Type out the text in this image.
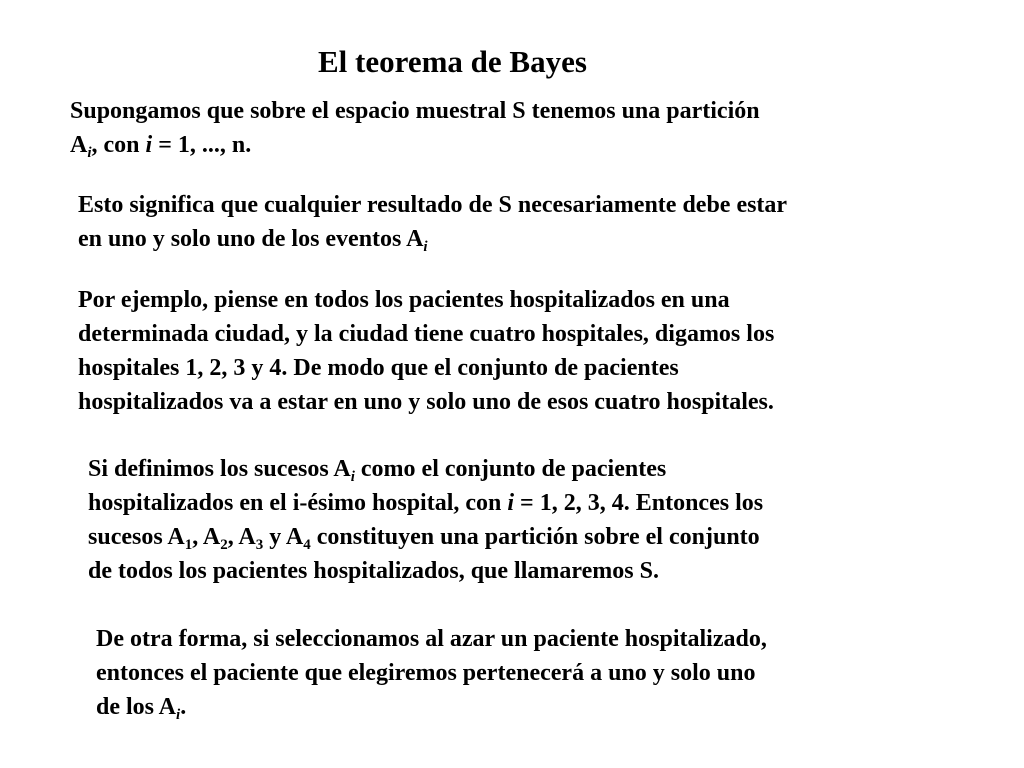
El teorema de Bayes
Supongamos que sobre el espacio muestral S tenemos una partición
$A_i$, con i = 1, ..., n.
Esto significa que cualquier resultado de S necesariamente debe estar
en uno y solo uno de los eventos $A_i$
Por ejemplo, piense en todos los pacientes hospitalizados en una
determinada ciudad, y la ciudad tiene cuatro hospitales, digamos los
hospitales 1, 2, 3 y 4. De modo que el conjunto de pacientes
hospitalizados va a estar en uno y solo uno de esos cuatro hospitales.
Si definimos los sucesos $A_i$ como el conjunto de pacientes
hospitalizados en el i-ésimo hospital, con i = 1, 2, 3, 4. Entonces los
sucesos $A_1$, $A_2$, $A_3$ y $A_4$ constituyen una partición sobre el conjunto
de todos los pacientes hospitalizados, que llamaremos S.
De otra forma, si seleccionamos al azar un paciente hospitalizado,
entonces el paciente que elegiremos pertenecerá a uno y solo uno
de los $A_i$.
